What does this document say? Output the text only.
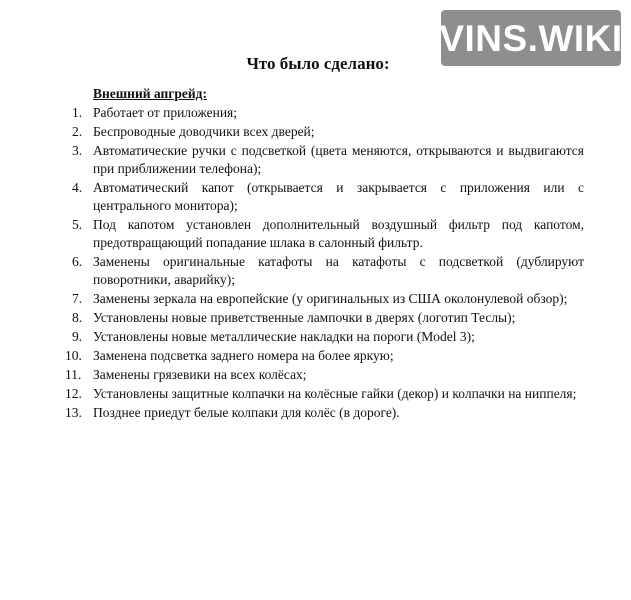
VINS.WIKI
Что было сделано:
Внешний апгрейд:
1. Работает от приложения;
2. Беспроводные доводчики всех дверей;
3. Автоматические ручки с подсветкой (цвета меняются, открываются и выдвигаются при приближении телефона);
4. Автоматический капот (открывается и закрывается с приложения или с центрального монитора);
5. Под капотом установлен дополнительный воздушный фильтр под капотом, предотвращающий попадание шлака в салонный фильтр.
6. Заменены оригинальные катафоты на катафоты с подсветкой (дублируют поворотники, аварийку);
7. Заменены зеркала на европейские (у оригинальных из США околонулевой обзор);
8. Установлены новые приветственные лампочки в дверях (логотип Теслы);
9. Установлены новые металлические накладки на пороги (Model 3);
10. Заменена подсветка заднего номера на более яркую;
11. Заменены грязевики на всех колёсах;
12. Установлены защитные колпачки на колёсные гайки (декор) и колпачки на ниппеля;
13. Позднее приедут белые колпаки для колёс (в дороге).
